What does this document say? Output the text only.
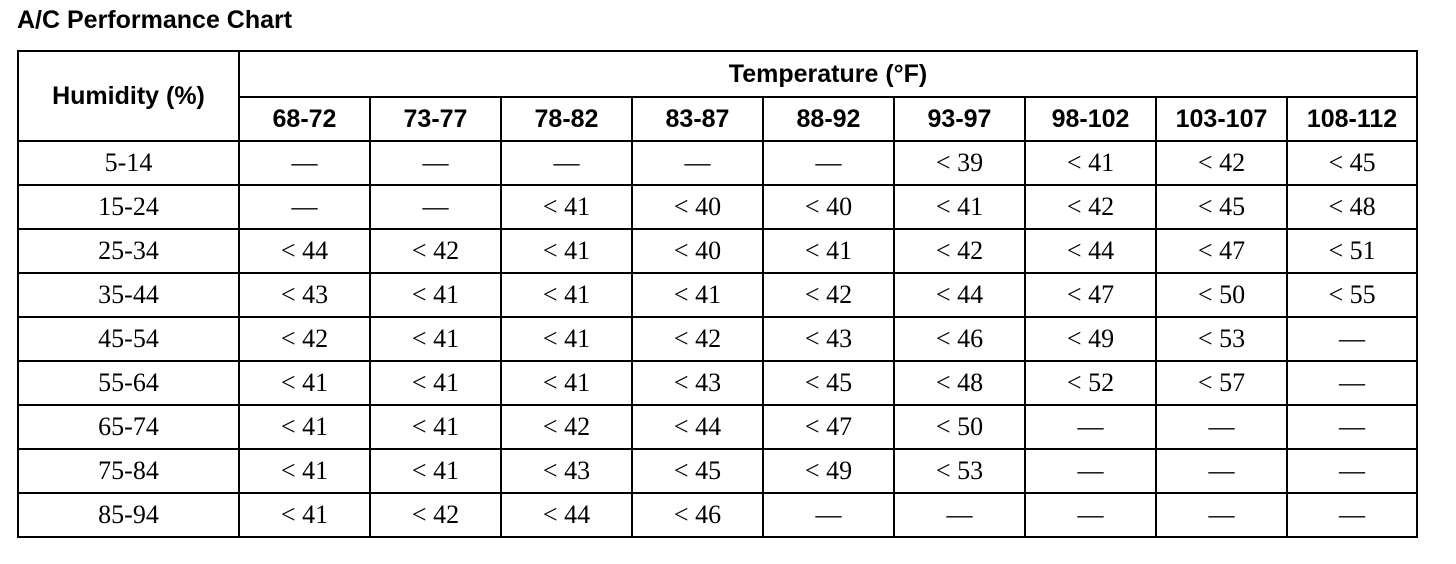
A/C Performance Chart
Humidity (%)	Temperature (°F)								
	68-72	73-77	78-82	83-87	88-92	93-97	98-102	103-107	108-112
5-14	—	—	—	—	—	< 39	< 41	< 42	< 45
15-24	—	—	< 41	< 40	< 40	< 41	< 42	< 45	< 48
25-34	< 44	< 42	< 41	< 40	< 41	< 42	< 44	< 47	< 51
35-44	< 43	< 41	< 41	< 41	< 42	< 44	< 47	< 50	< 55
45-54	< 42	< 41	< 41	< 42	< 43	< 46	< 49	< 53	—
55-64	< 41	< 41	< 41	< 43	< 45	< 48	< 52	< 57	—
65-74	< 41	< 41	< 42	< 44	< 47	< 50	—	—	—
75-84	< 41	< 41	< 43	< 45	< 49	< 53	—	—	—
85-94	< 41	< 42	< 44	< 46	—	—	—	—	—
